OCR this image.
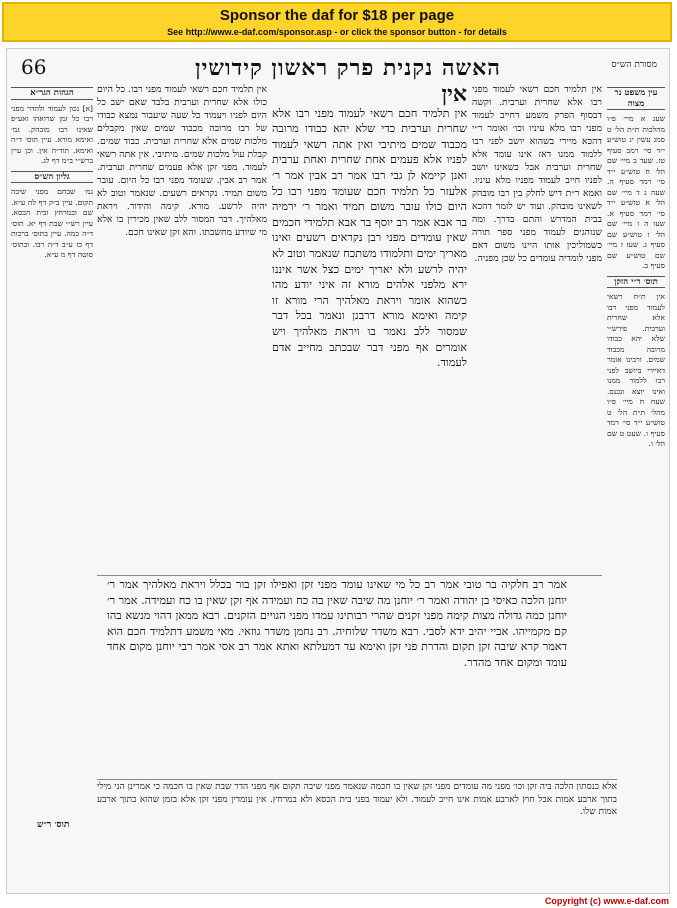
Sponsor the daf for $18 per page
See http://www.e-daf.com/sponsor.asp - or click the sponsor button - for details
66	האשה נקנית פרק ראשון קידושין	מסורת הש״ס
הגהות הגר״א

[א] נכון לעמוד ולהדר מפני רבו כל זמן שרואהו ואע״פ שאינו רבו מובהק. גמ׳ ואימא מורא. עיין תוס׳ ד״ה ואימא. תוד״ה אין. וכן עיין ברש״י ב״מ דף לג.

גליון הש״ס

גמ׳ שבחם מפני שיבה תקום. עיין ב״ק דף לח ע״א. שם ובמרחץ ובית הכסא. עיין רש״י שבת דף יא. תוס׳ ד״ה כמה. עיין בתוס׳ ברכות דף כז ע״ב ד״ה רבו. ובתוס׳ סוטה דף מ ע״א.

אין תלמיד חכם רשאי לעמוד מפני רבו. כל היום כולו אלא שחרית וערבית בלבד שאם ישב כל היום לפניו ויעמוד כל שעה שיעבור נמצא כבודו של רבו מרובה מכבוד שמים שאין מקבלים מלכות שמים אלא שחרית וערבית. כבוד שמים. קבלת עול מלכות שמים. מיתיבי. אין אתה רשאי לעמוד. מפני זקן אלא פעמים שחרית וערבית. אמר רב אבין. שעומד מפני רבו כל היום. עובר משום תמיד. נקראים רשעים. שנאמר וטוב לא יהיה לרשע. מורא. קימה והידור. ויראת מאלהיך. דבר המסור ללב שאין מכירין בו אלא מי שיודע מחשבתו. והא זקן שאינו חכם.

אין

אין תלמיד חכם רשאי לעמוד מפני רבו אלא שחרית וערבית כדי שלא יהא כבודו מרובה מכבוד שמים מיתיבי ואין אתה רשאי לעמוד לפניו אלא פעמים אחת שחרית ואחת ערבית ואנן קיימא לן גבי רבו אמר רב אבין אמר ר׳ אלעזר כל תלמיד חכם שעומד מפני רבו כל היום כולו עובר משום תמיד ואמר ר׳ ירמיה בר אבא אמר רב יוסף בר אבא תלמידי חכמים שאין עומדים מפני רבן נקראים רשעים ואינו מאריך ימים ותלמודו משתכח שנאמר וטוב לא יהיה לרשע ולא יאריך ימים כצל אשר איננו ירא מלפני אלהים מורא זה איני יודע מהו כשהוא אומר ויראת מאלהיך הרי מורא זו קימה ואימא מורא דרבנן ונאמר בכל דבר שמסור ללב נאמר בו ויראת מאלהיך ויש אומרים אף מפני דבר שבכתב מחייב אדם לעמוד.

אין תלמיד חכם רשאי לעמוד מפני רבו אלא שחרית וערבית. וקשה דבסוף הפרק משמע דחייב לעמוד מפני רבו מלא עיניו וכו׳ ואומר ר״י דהכא מיירי בשהוא יושב לפני רבו ללמוד ממנו דאז אינו עומד אלא שחרית וערבית אבל כשאינו יושב לפניו חייב לעמוד מפניו מלא עיניו. ואמא ר״ת דיש לחלק בין רבו מובהק לשאינו מובהק. ועוד יש לומר דהכא בבית המדרש והתם בדרך. ומה שנוהגים לעמוד מפני ספר תורה כשמוליכין אותו היינו משום דאם מפני לומדיה עומדים כל שכן מפניה.

עין משפט נר מצוה

שעג א מיי׳ פ״ו מהלכות ת״ת הל׳ ט סמג עשין יג טוש״ע י״ד סי׳ רמב סעיף טז. שעד ב מיי׳ שם הל׳ ח טוש״ע י״ד סי׳ רמד סעיף ה. שעה ג ד מיי׳ שם הל׳ א טוש״ע י״ד סי׳ רמד סעיף א. שעו ה ו מיי׳ שם הל׳ ו טוש״ע שם סעיף ג. שעז ז מיי׳ שם טוש״ע שם סעיף ב.

תוס׳ ר״י הזקן

אין ת״ח רשאי לעמוד מפני רבו אלא שחרית וערבית. פירש״י שלא יהא כבודו מרובה מכבוד שמים. ורבינו אומר דאיירי ביושב לפני רבו ללמוד ממנו ואינו יוצא ונכנס. שעח ח מיי׳ פ״ו מהל׳ ת״ת הל׳ ט טוש״ע י״ד סי׳ רמד סעיף ו. שעט ט שם הל׳ ו.

אמר רב חלקיה בר טובי אמר רב כל מי שאינו עומד מפני זקן ואפילו זקן בור בכלל ויראת מאלהיך אמר ר׳ יוחנן הלכה כאיסי בן יהודה ואמר ר׳ יוחנן מה שיבה שאין בה כח ועמידה אף זקן שאין בו כח ועמידה. אמר ר׳ יוחנן כמה גדולה מצות קימה מפני זקנים שהרי רבותינו עמדו מפני הגויים הזקנים. רבא ממאן דהוי מנשא בהו קם מקמייהו. אביי יהיב ידא לסבי. רבא משדר שלוחיה. רב נחמן משדר גוזאי. מאי משמע דתלמיד חכם הוא דאמר קרא שיבה זקן תקום והדרת פני זקן ואימא עד דמעלתא ואתא אמר רב אסי אמר רבי יוחנן מקום אחד עומד ומקום אחד מהדר.

אלא כנסתון הלכה ביה זקן וכו׳ מפני מה עומדים מפני זקן שאין בו חכמה שנאמר מפני שיבה תקום אף מפני הדר שבת שאין בו חכמה כי אמרינן הני מילי בתוך ארבע אמות אבל חוץ לארבע אמות אינו חייב לעמוד. ולא יעמוד בפני בית הכסא ולא במרחץ. אין עומדין מפני זקן אלא בזמן שהוא בתוך ארבע אמות שלו.

תוס׳ ר״ש
Copyright (c) www.e-daf.com
